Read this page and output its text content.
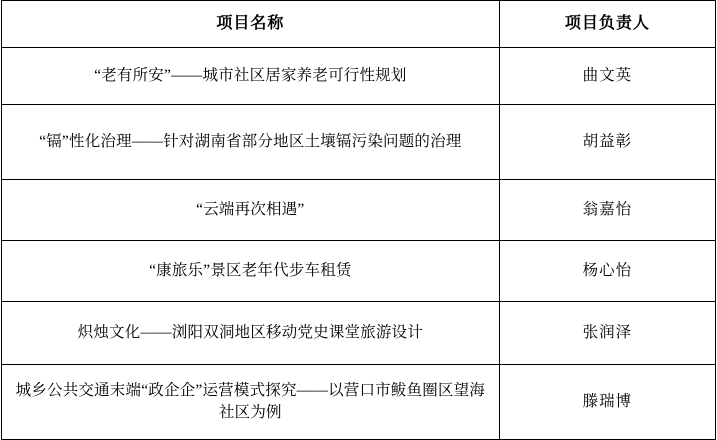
项目名称	项目负责人
“老有所安”——城市社区居家养老可行性规划	曲文英
“镉”性化治理——针对湖南省部分地区土壤镉污染问题的治理	胡益彰
“云端再次相遇”	翁嘉怡
“康旅乐”景区老年代步车租赁	杨心怡
炽烛文化——浏阳双洞地区移动党史课堂旅游设计	张润泽
城乡公共交通末端“政企企”运营模式探究——以营口市鲅鱼圈区望海社区为例	滕瑞博
